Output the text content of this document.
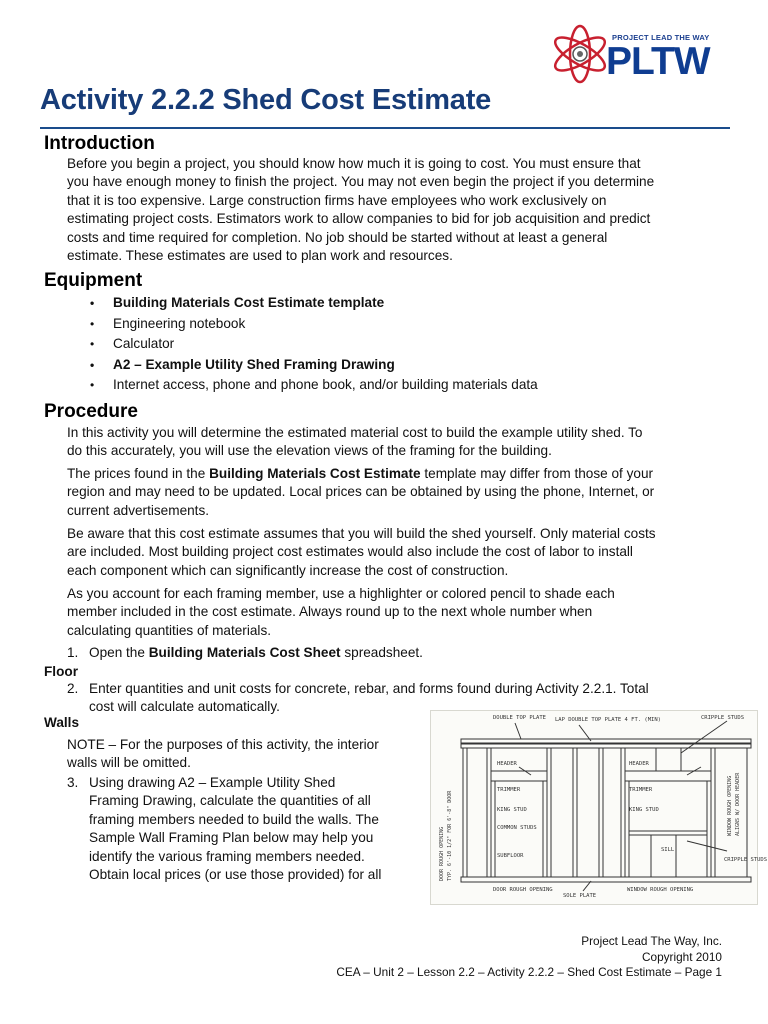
PROJECT LEAD THE WAY
PLTW
Activity 2.2.2 Shed Cost Estimate
Introduction
Before you begin a project, you should know how much it is going to cost. You must ensure that
you have enough money to finish the project. You may not even begin the project if you determine
that it is too expensive. Large construction firms have employees who work exclusively on
estimating project costs. Estimators work to allow companies to bid for job acquisition and predict
costs and time required for completion. No job should be started without at least a general
estimate. These estimates are used to plan work and resources.
Equipment
• Building Materials Cost Estimate template
• Engineering notebook
• Calculator
• A2 – Example Utility Shed Framing Drawing
• Internet access, phone and phone book, and/or building materials data
Procedure
In this activity you will determine the estimated material cost to build the example utility shed. To
do this accurately, you will use the elevation views of the framing for the building.
The prices found in the Building Materials Cost Estimate template may differ from those of your
region and may need to be updated. Local prices can be obtained by using the phone, Internet, or
current advertisements.
Be aware that this cost estimate assumes that you will build the shed yourself. Only material costs
are included. Most building project cost estimates would also include the cost of labor to install
each component which can significantly increase the cost of construction.
As you account for each framing member, use a highlighter or colored pencil to shade each
member included in the cost estimate. Always round up to the next whole number when
calculating quantities of materials.
1. Open the Building Materials Cost Sheet spreadsheet.
Floor
2. Enter quantities and unit costs for concrete, rebar, and forms found during Activity 2.2.1. Total
cost will calculate automatically.
Walls
NOTE – For the purposes of this activity, the interior
walls will be omitted.
3. Using drawing A2 – Example Utility Shed
Framing Drawing, calculate the quantities of all
framing members needed to build the walls. The
Sample Wall Framing Plan below may help you
identify the various framing members needed.
Obtain local prices (or use those provided) for all
DOUBLE TOP PLATE LAP DOUBLE TOP PLATE 4 FT. (MIN)	CRIPPLE STUDS
HEADER
TRIMMER
KING STUD
COMMON STUDS
SUBFLOOR
HEADER
TRIMMER
KING STUD
SILL
CRIPPLE STUDS
DOOR ROUGH OPENING
SOLE PLATE
WINDOW ROUGH OPENING
DOOR ROUGH OPENING TYP. 6'-10 1/2" FOR 6'-8" DOOR	WINDOW ROUGH OPENING ALIGNS W/ DOOR HEADER
Project Lead The Way, Inc.
Copyright 2010
CEA – Unit 2 – Lesson 2.2 – Activity 2.2.2 – Shed Cost Estimate – Page 1
